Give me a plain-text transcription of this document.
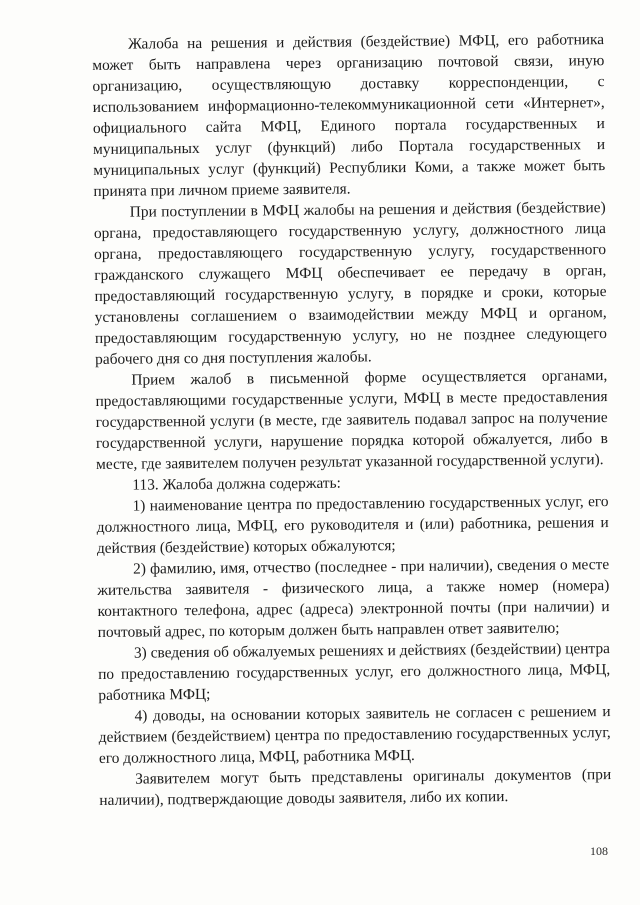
Жалоба на решения и действия (бездействие) МФЦ, его работника может быть направлена через организацию почтовой связи, иную организацию, осуществляющую доставку корреспонденции, с использованием информационно-телекоммуникационной сети «Интернет», официального сайта МФЦ, Единого портала государственных и муниципальных услуг (функций) либо Портала государственных и муниципальных услуг (функций) Республики Коми, а также может быть принята при личном приеме заявителя.

При поступлении в МФЦ жалобы на решения и действия (бездействие) органа, предоставляющего государственную услугу, должностного лица органа, предоставляющего государственную услугу, государственного гражданского служащего МФЦ обеспечивает ее передачу в орган, предоставляющий государственную услугу, в порядке и сроки, которые установлены соглашением о взаимодействии между МФЦ и органом, предоставляющим государственную услугу, но не позднее следующего рабочего дня со дня поступления жалобы.

Прием жалоб в письменной форме осуществляется органами, предоставляющими государственные услуги, МФЦ в месте предоставления государственной услуги (в месте, где заявитель подавал запрос на получение государственной услуги, нарушение порядка которой обжалуется, либо в месте, где заявителем получен результат указанной государственной услуги).

113. Жалоба должна содержать:

1) наименование центра по предоставлению государственных услуг, его должностного лица, МФЦ, его руководителя и (или) работника, решения и действия (бездействие) которых обжалуются;

2) фамилию, имя, отчество (последнее - при наличии), сведения о месте жительства заявителя - физического лица, а также номер (номера) контактного телефона, адрес (адреса) электронной почты (при наличии) и почтовый адрес, по которым должен быть направлен ответ заявителю;

3) сведения об обжалуемых решениях и действиях (бездействии) центра по предоставлению государственных услуг, его должностного лица, МФЦ, работника МФЦ;

4) доводы, на основании которых заявитель не согласен с решением и действием (бездействием) центра по предоставлению государственных услуг, его должностного лица, МФЦ, работника МФЦ.

Заявителем могут быть представлены оригиналы документов (при наличии), подтверждающие доводы заявителя, либо их копии.

108
